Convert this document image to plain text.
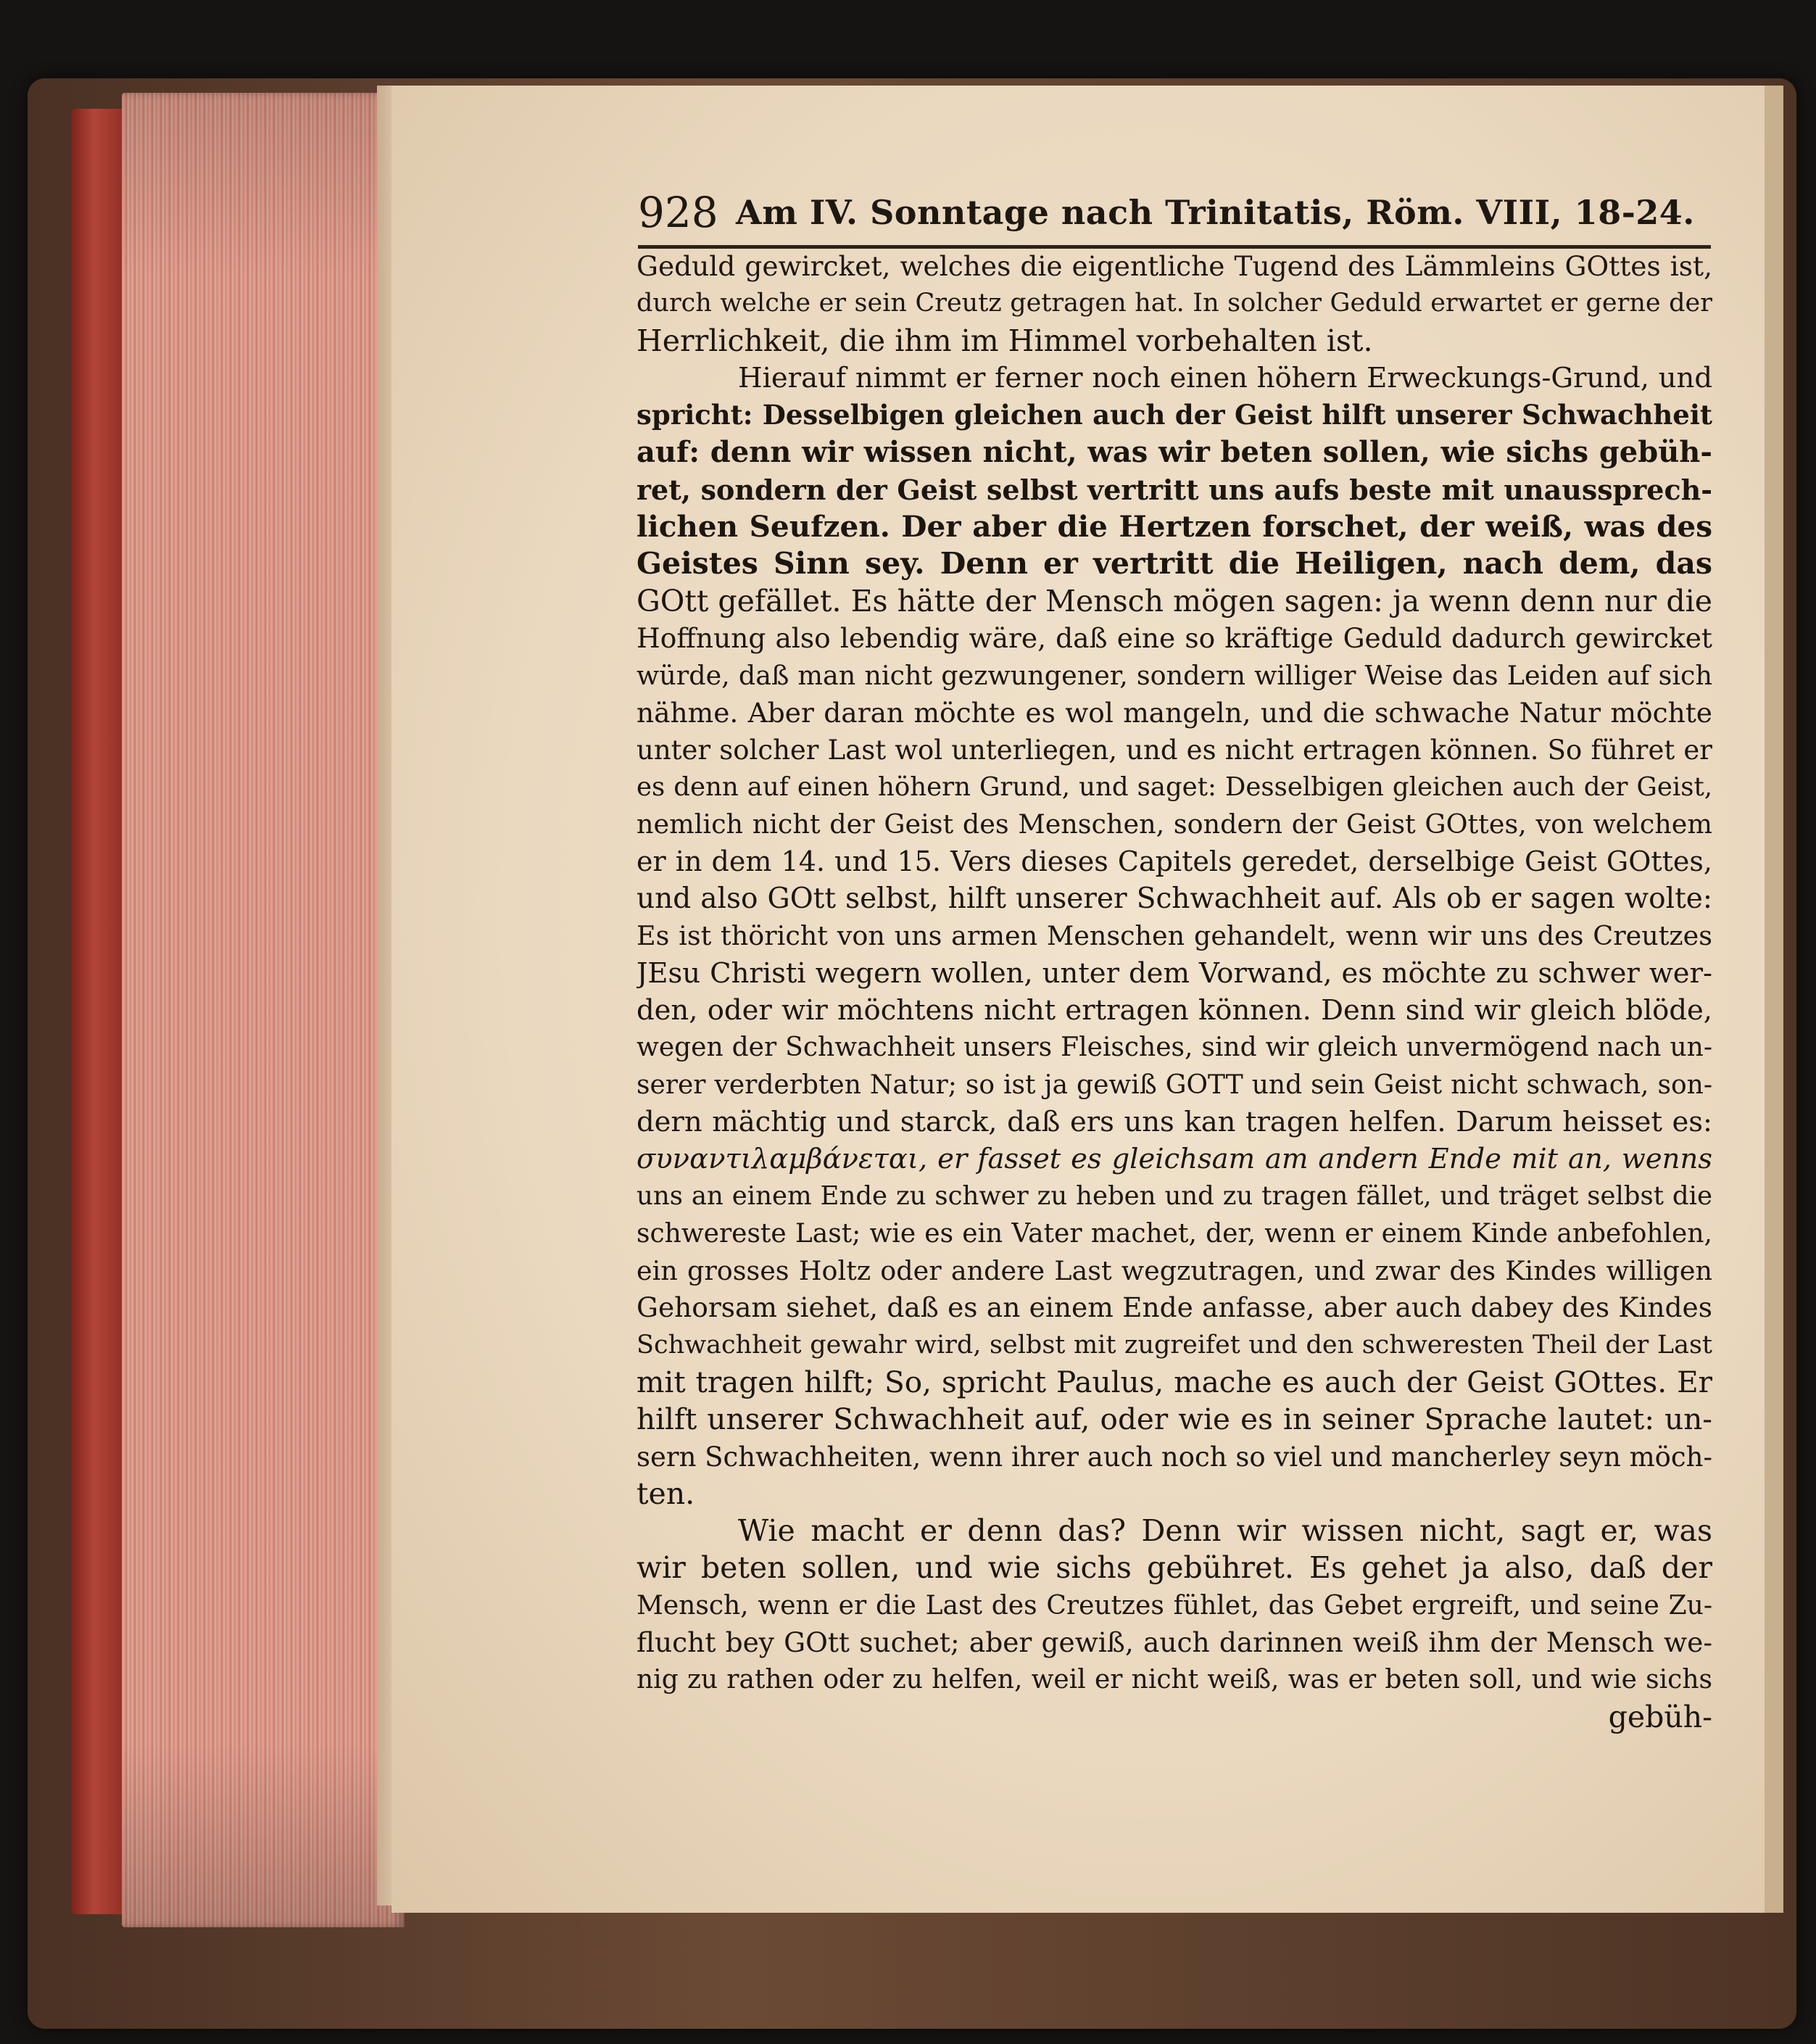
928 Am IV. Sonntage nach Trinitatis, Röm. VIII, 18-24.
Geduld gewircket, welches die eigentliche Tugend des Lämmleins GOttes ist,
durch welche er sein Creutz getragen hat. In solcher Geduld erwartet er gerne der
Herrlichkeit, die ihm im Himmel vorbehalten ist.
Hierauf nimmt er ferner noch einen höhern Erweckungs-Grund, und
spricht: Desselbigen gleichen auch der Geist hilft unserer Schwachheit
auf: denn wir wissen nicht, was wir beten sollen, wie sichs gebüh-
ret, sondern der Geist selbst vertritt uns aufs beste mit unaussprech-
lichen Seufzen. Der aber die Hertzen forschet, der weiß, was des
Geistes Sinn sey. Denn er vertritt die Heiligen, nach dem, das
GOtt gefället. Es hätte der Mensch mögen sagen: ja wenn denn nur die
Hoffnung also lebendig wäre, daß eine so kräftige Geduld dadurch gewircket
würde, daß man nicht gezwungener, sondern williger Weise das Leiden auf sich
nähme. Aber daran möchte es wol mangeln, und die schwache Natur möchte
unter solcher Last wol unterliegen, und es nicht ertragen können. So führet er
es denn auf einen höhern Grund, und saget: Desselbigen gleichen auch der Geist,
nemlich nicht der Geist des Menschen, sondern der Geist GOttes, von welchem
er in dem 14. und 15. Vers dieses Capitels geredet, derselbige Geist GOttes,
und also GOtt selbst, hilft unserer Schwachheit auf. Als ob er sagen wolte:
Es ist thöricht von uns armen Menschen gehandelt, wenn wir uns des Creutzes
JEsu Christi wegern wollen, unter dem Vorwand, es möchte zu schwer wer-
den, oder wir möchtens nicht ertragen können. Denn sind wir gleich blöde,
wegen der Schwachheit unsers Fleisches, sind wir gleich unvermögend nach un-
serer verderbten Natur; so ist ja gewiß GOTT und sein Geist nicht schwach, son-
dern mächtig und starck, daß ers uns kan tragen helfen. Darum heisset es:
συναντιλαμβάνεται, er fasset es gleichsam am andern Ende mit an, wenns
uns an einem Ende zu schwer zu heben und zu tragen fället, und träget selbst die
schwereste Last; wie es ein Vater machet, der, wenn er einem Kinde anbefohlen,
ein grosses Holtz oder andere Last wegzutragen, und zwar des Kindes willigen
Gehorsam siehet, daß es an einem Ende anfasse, aber auch dabey des Kindes
Schwachheit gewahr wird, selbst mit zugreifet und den schweresten Theil der Last
mit tragen hilft; So, spricht Paulus, mache es auch der Geist GOttes. Er
hilft unserer Schwachheit auf, oder wie es in seiner Sprache lautet: un-
sern Schwachheiten, wenn ihrer auch noch so viel und mancherley seyn möch-
ten.
Wie macht er denn das? Denn wir wissen nicht, sagt er, was
wir beten sollen, und wie sichs gebühret. Es gehet ja also, daß der
Mensch, wenn er die Last des Creutzes fühlet, das Gebet ergreift, und seine Zu-
flucht bey GOtt suchet; aber gewiß, auch darinnen weiß ihm der Mensch we-
nig zu rathen oder zu helfen, weil er nicht weiß, was er beten soll, und wie sichs
gebüh-
